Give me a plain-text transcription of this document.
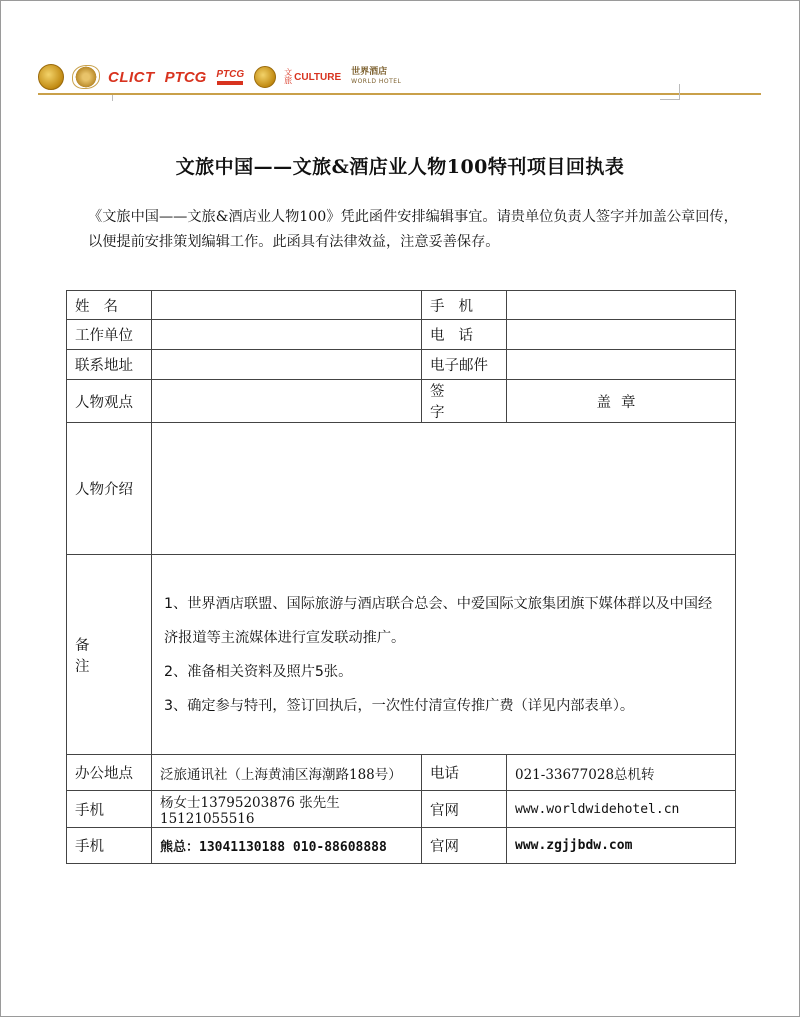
CLICT PTCG PTCG	文旅 CULTURE 世界酒店
WORLD HOTEL
文旅中国——文旅&酒店业人物100特刊项目回执表
《文旅中国——文旅&酒店业人物100》凭此函件安排编辑事宜。请贵单位负责人签字并加盖公章回传，以便提前安排策划编辑工作。此函具有法律效益，注意妥善保存。
姓名		手机	
工作单位		电话	
联系地址		电子邮件	
人物观点		签字	盖章
人物介绍			
备注	1、世界酒店联盟、国际旅游与酒店联合总会、中爱国际文旅集团旗下媒体群以及中国经济报道等主流媒体进行宣发联动推广。
2、准备相关资料及照片5张。
3、确定参与特刊，签订回执后，一次性付清宣传推广费（详见内部表单）。		

办公地点	泛旅通讯社（上海黄浦区海潮路188号）	电话	021-33677028总机转
手机	杨女士13795203876 张先生15121055516	官网	www.worldwidehotel.cn
手机	熊总：13041130188 010-88608888	官网	www.zgjjbdw.com
